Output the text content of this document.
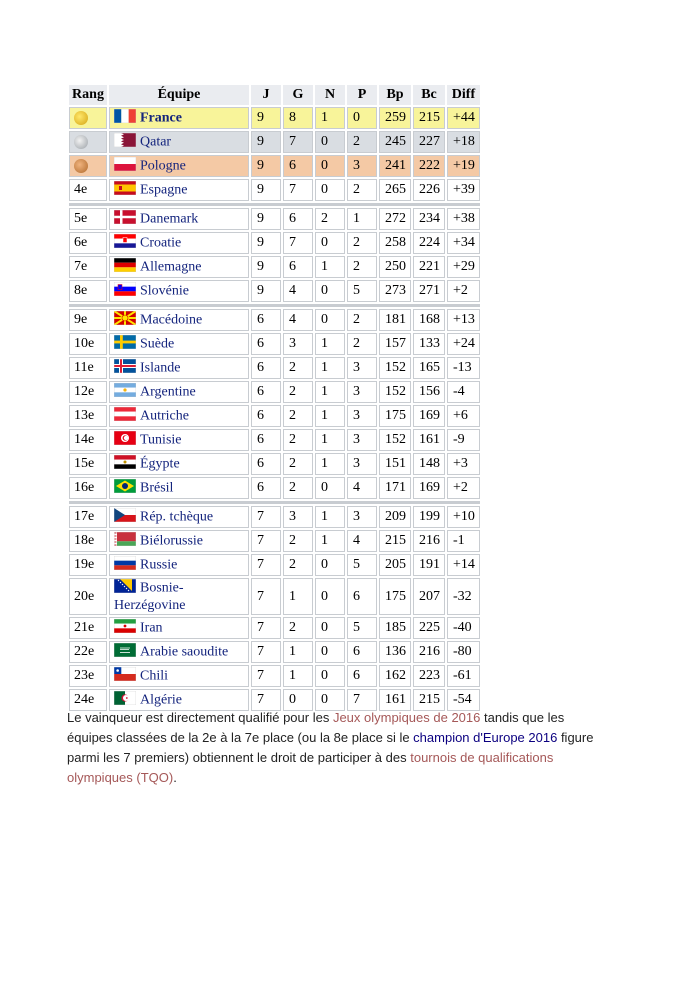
Rang	Équipe	J	G	N	P	Bp	Bc	Diff
	France	9	8	1	0	259	215	+44
	Qatar	9	7	0	2	245	227	+18
	Pologne	9	6	0	3	241	222	+19
4e	Espagne	9	7	0	2	265	226	+39

5e	Danemark	9	6	2	1	272	234	+38
6e	Croatie	9	7	0	2	258	224	+34
7e	Allemagne	9	6	1	2	250	221	+29
8e	Slovénie	9	4	0	5	273	271	+2

9e	Macédoine	6	4	0	2	181	168	+13
10e	Suède	6	3	1	2	157	133	+24
11e	Islande	6	2	1	3	152	165	-13
12e	Argentine	6	2	1	3	152	156	-4
13e	Autriche	6	2	1	3	175	169	+6
14e	Tunisie	6	2	1	3	152	161	-9
15e	Égypte	6	2	1	3	151	148	+3
16e	Brésil	6	2	0	4	171	169	+2

17e	Rép. tchèque	7	3	1	3	209	199	+10
18e	Biélorussie	7	2	1	4	215	216	-1
19e	Russie	7	2	0	5	205	191	+14
20e	Bosnie-
Herzégovine	7	1	0	6	175	207	-32
21e	Iran	7	2	0	5	185	225	-40
22e	Arabie saoudite	7	1	0	6	136	216	-80
23e	Chili	7	1	0	6	162	223	-61
24e	Algérie	7	0	0	7	161	215	-54
Le vainqueur est directement qualifié pour les Jeux olympiques de 2016 tandis que les équipes classées de la 2e à la 7e place (ou la 8e place si le champion d'Europe 2016 figure parmi les 7 premiers) obtiennent le droit de participer à des tournois de qualifications olympiques (TQO).
